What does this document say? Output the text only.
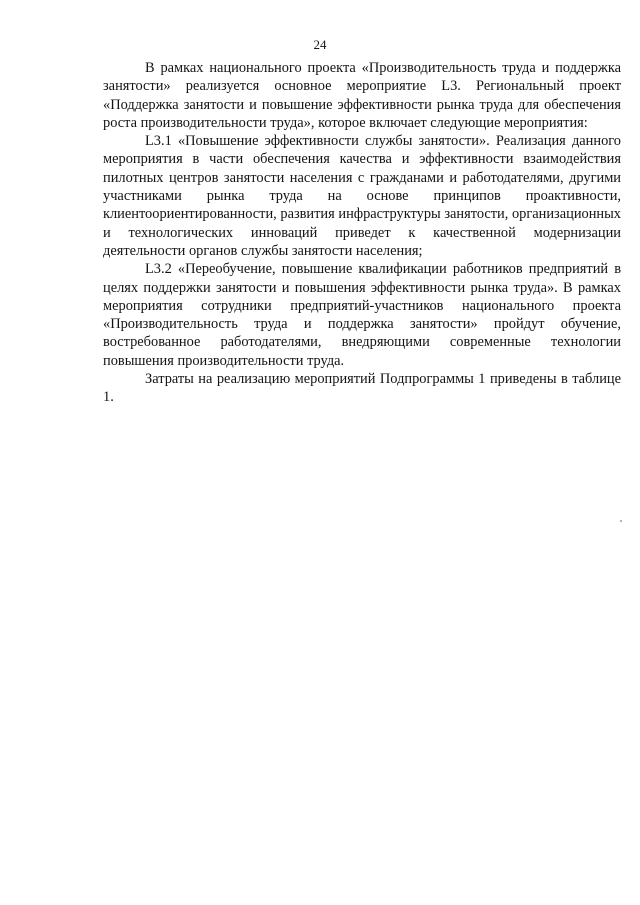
24

В рамках национального проекта «Производительность труда и поддержка занятости» реализуется основное мероприятие L3. Региональный проект «Поддержка занятости и повышение эффективности рынка труда для обеспечения роста производительности труда», которое включает следующие мероприятия:

L3.1 «Повышение эффективности службы занятости». Реализация данного мероприятия в части обеспечения качества и эффективности взаимодействия пилотных центров занятости населения с гражданами и работодателями, другими участниками рынка труда на основе принципов проактивности, клиентоориентированности, развития инфраструктуры занятости, организационных и технологических инноваций приведет к качественной модернизации деятельности органов службы занятости населения;

L3.2 «Переобучение, повышение квалификации работников предприятий в целях поддержки занятости и повышения эффективности рынка труда». В рамках мероприятия сотрудники предприятий-участников национального проекта «Производительность труда и поддержка занятости» пройдут обучение, востребованное работодателями, внедряющими современные технологии повышения производительности труда.

Затраты на реализацию мероприятий Подпрограммы 1 приведены в таблице 1.
